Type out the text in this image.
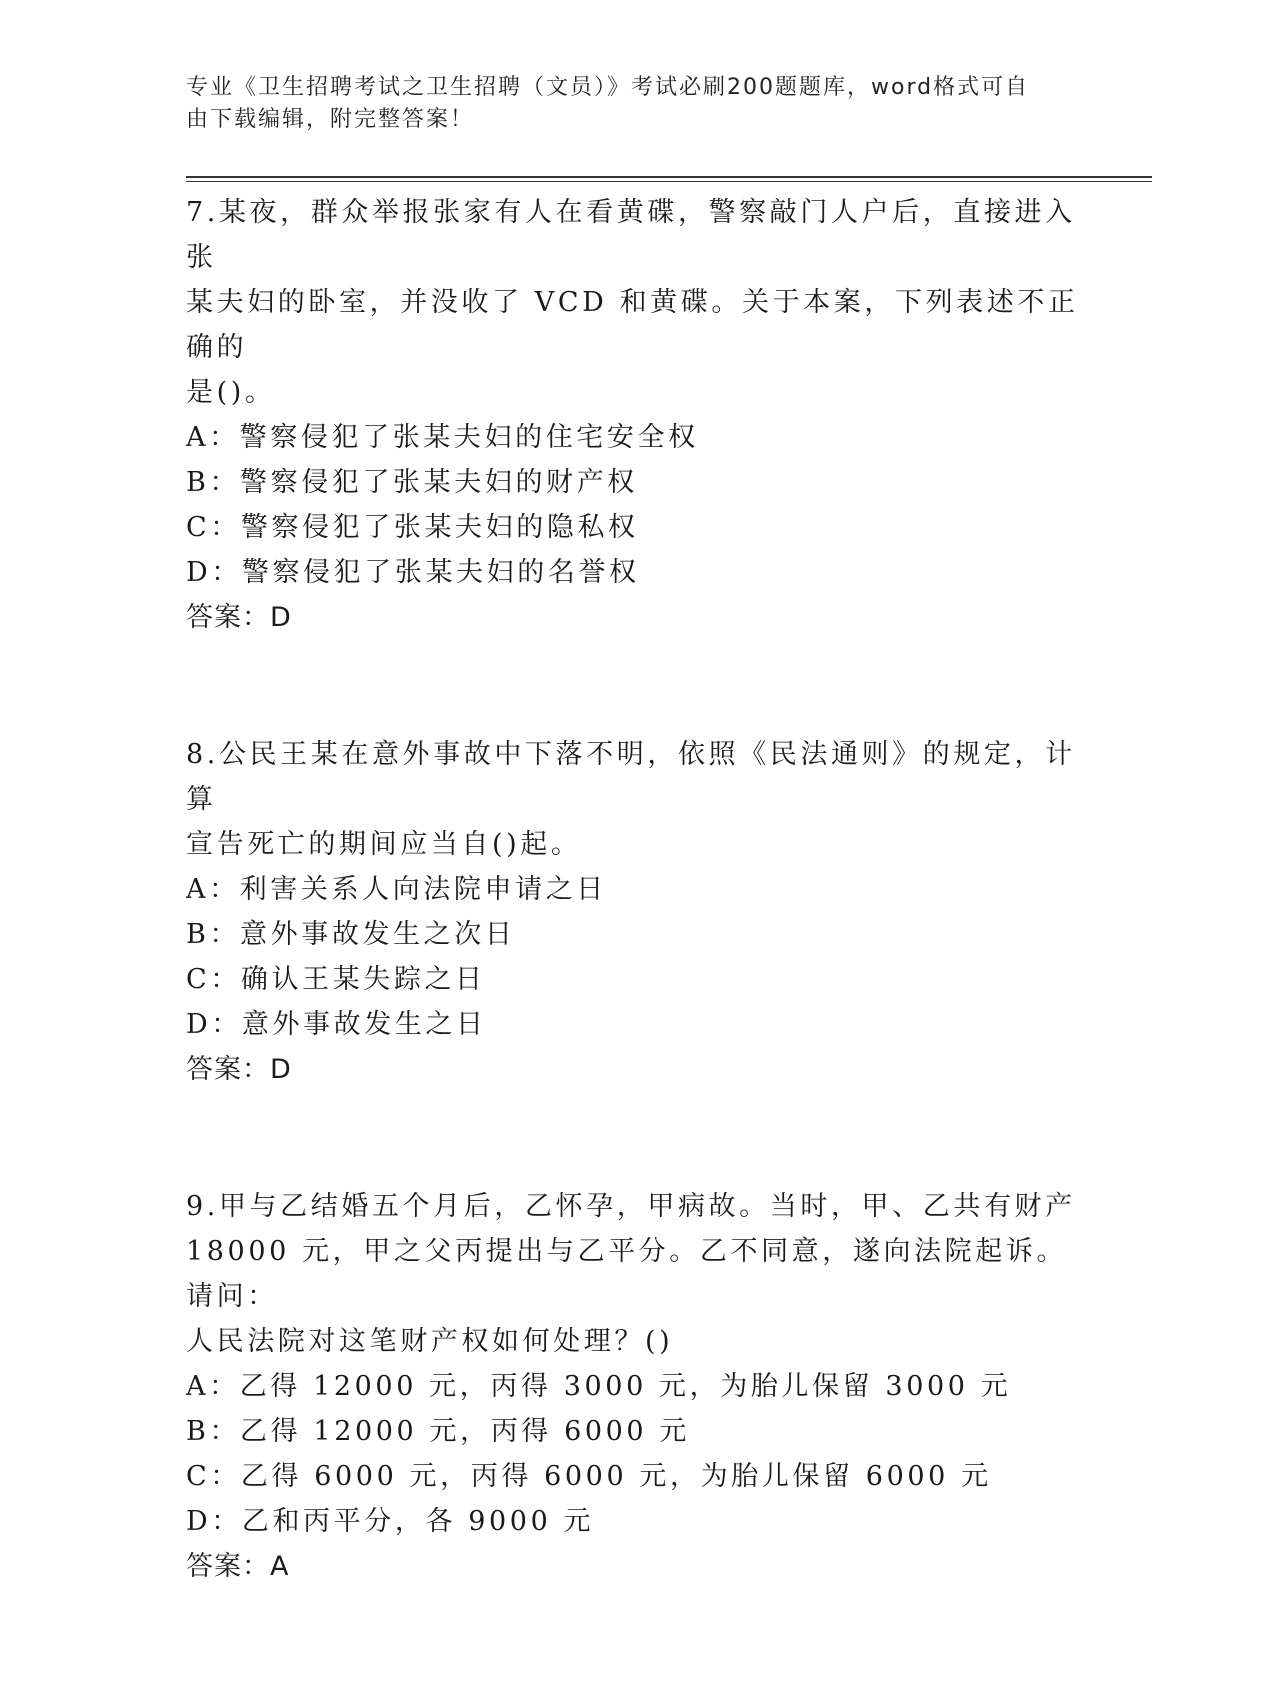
专业《卫生招聘考试之卫生招聘（文员）》考试必刷200题题库，word格式可自
由下载编辑，附完整答案！

7.某夜，群众举报张家有人在看黄碟，警察敲门人户后，直接进入张

某夫妇的卧室，并没收了 VCD 和黄碟。关于本案，下列表述不正确的

是()。

A：警察侵犯了张某夫妇的住宅安全权

B：警察侵犯了张某夫妇的财产权

C：警察侵犯了张某夫妇的隐私权

D：警察侵犯了张某夫妇的名誉权

答案：D

8.公民王某在意外事故中下落不明，依照《民法通则》的规定，计算

宣告死亡的期间应当自()起。

A：利害关系人向法院申请之日

B：意外事故发生之次日

C：确认王某失踪之日

D：意外事故发生之日

答案：D

9.甲与乙结婚五个月后，乙怀孕，甲病故。当时，甲、乙共有财产

18000 元，甲之父丙提出与乙平分。乙不同意，遂向法院起诉。请问：

人民法院对这笔财产权如何处理？()

A：乙得 12000 元，丙得 3000 元，为胎儿保留 3000 元

B：乙得 12000 元，丙得 6000 元

C：乙得 6000 元，丙得 6000 元，为胎儿保留 6000 元

D：乙和丙平分，各 9000 元

答案：A
